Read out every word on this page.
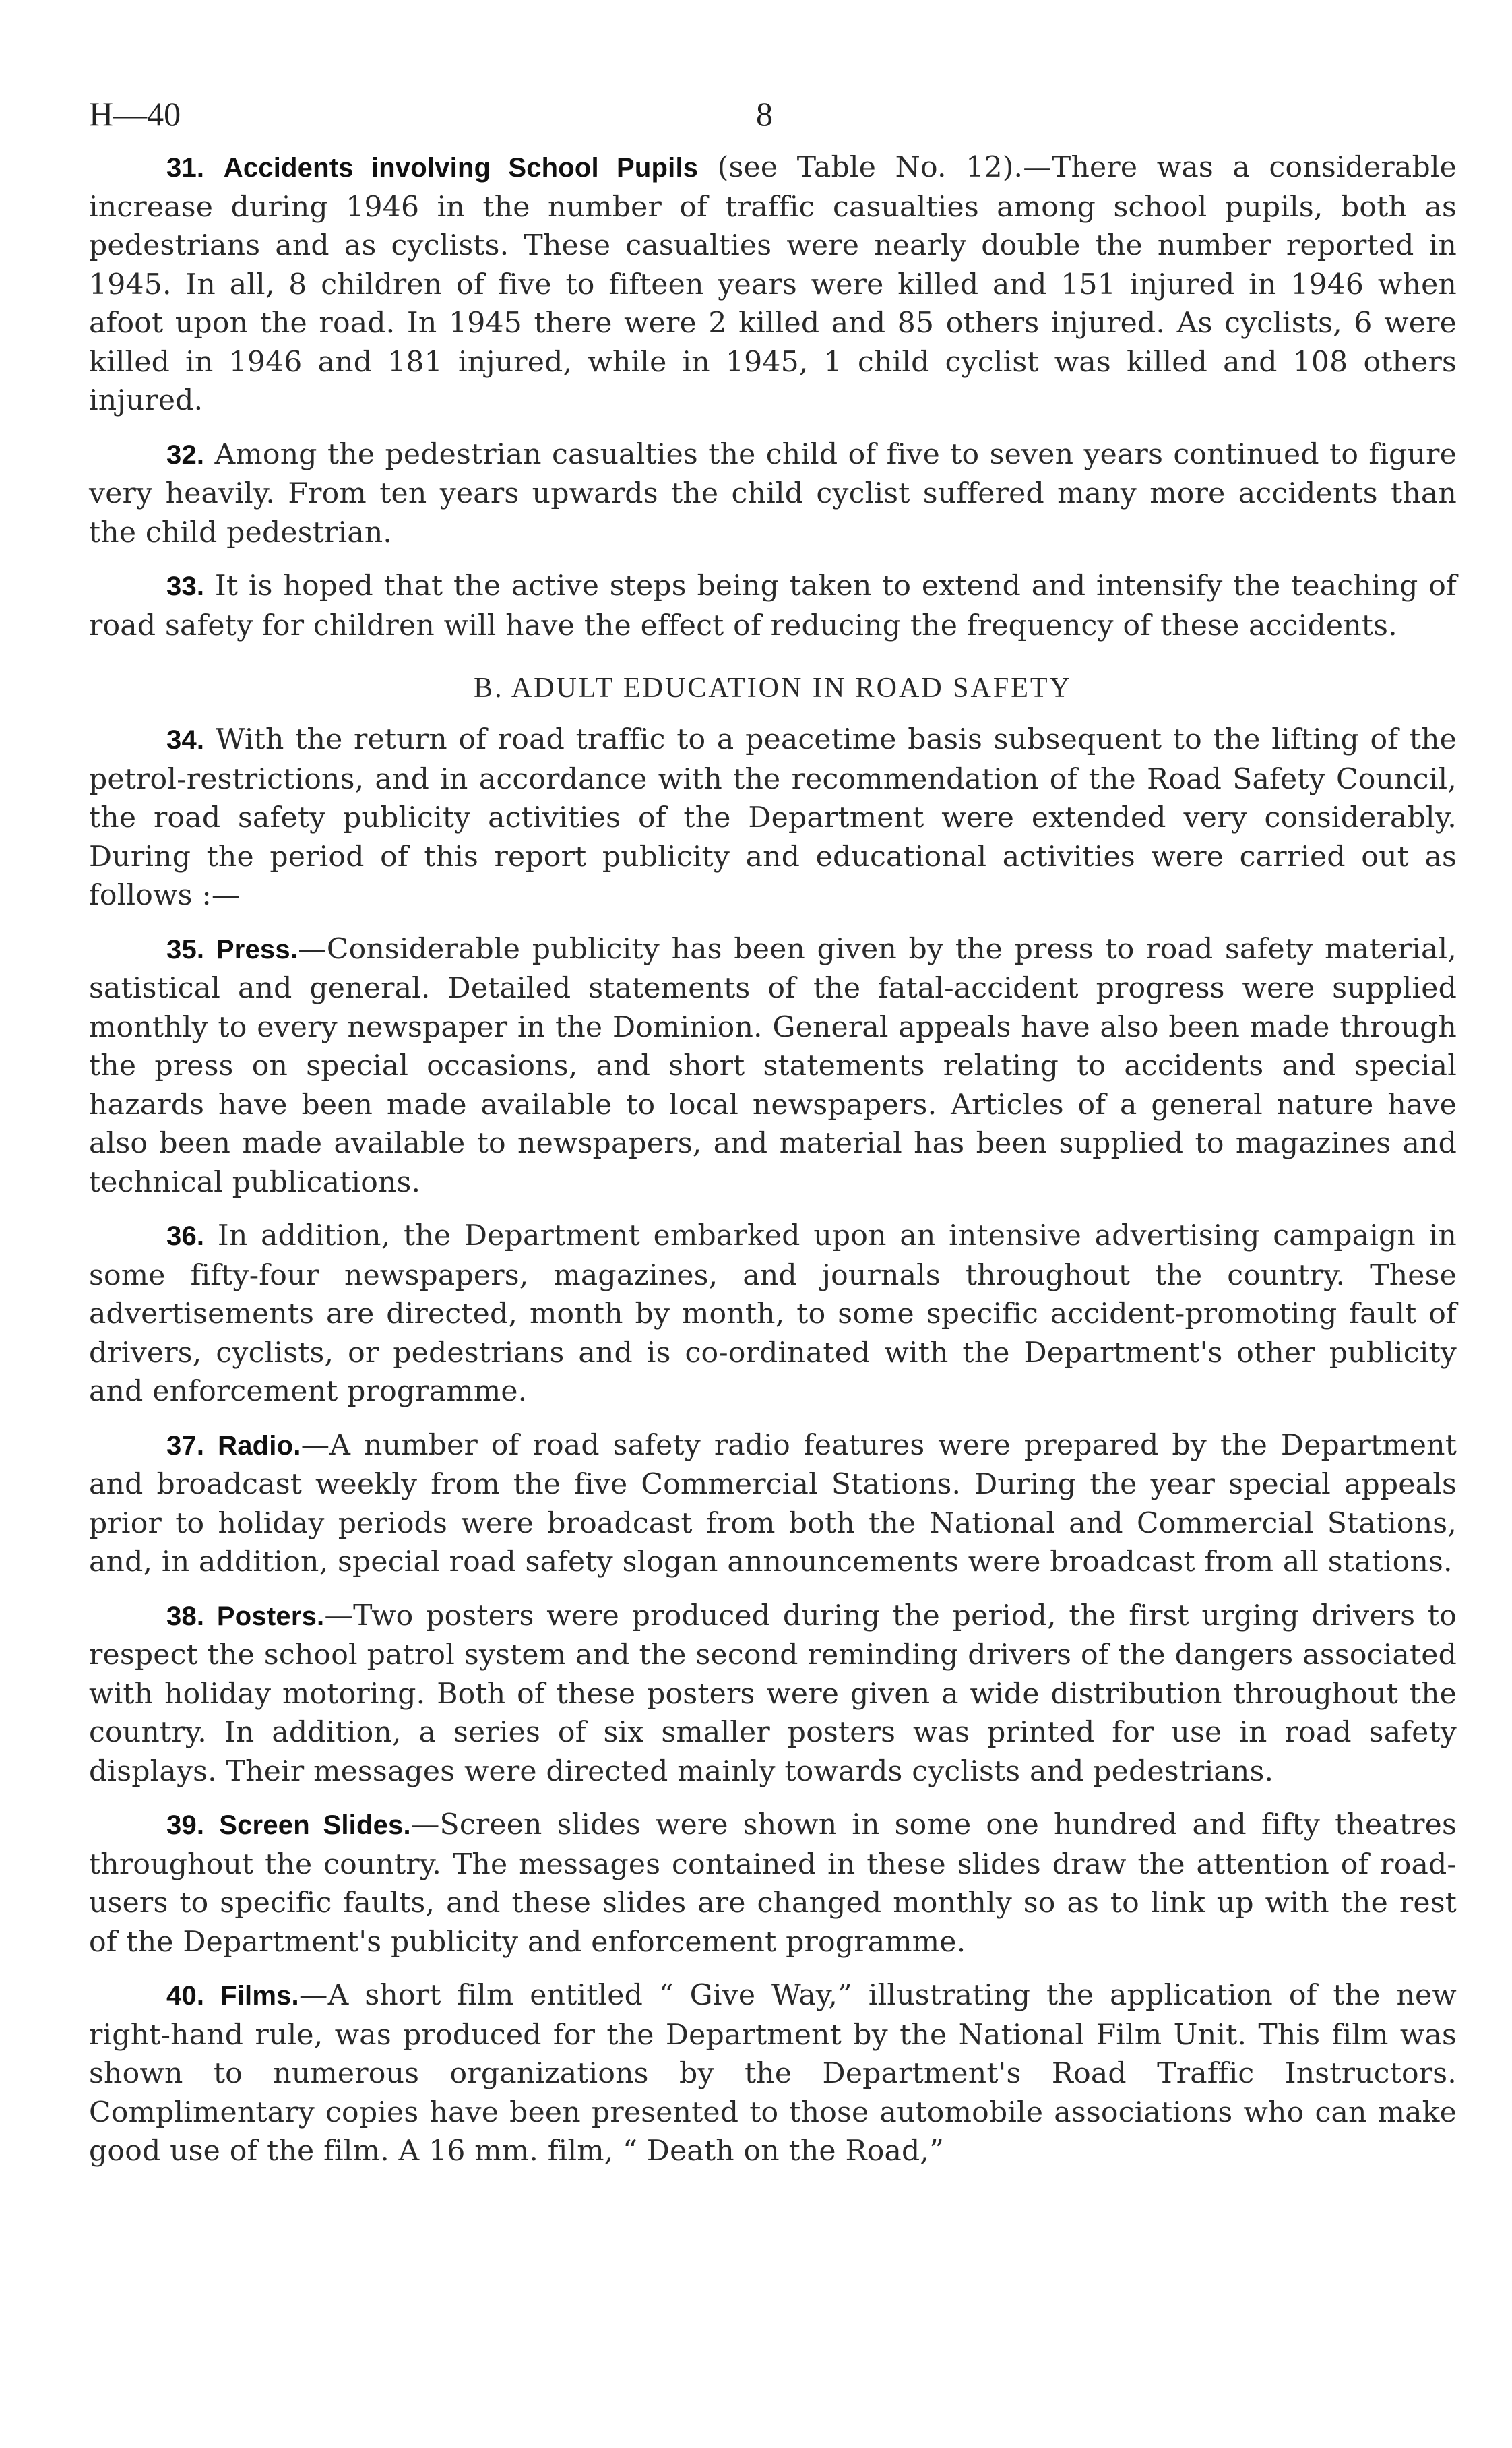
H—40	8

31. Accidents involving School Pupils (see Table No. 12).—There was a considerable increase during 1946 in the number of traffic casualties among school pupils, both as pedestrians and as cyclists. These casualties were nearly double the number reported in 1945. In all, 8 children of five to fifteen years were killed and 151 injured in 1946 when afoot upon the road. In 1945 there were 2 killed and 85 others injured. As cyclists, 6 were killed in 1946 and 181 injured, while in 1945, 1 child cyclist was killed and 108 others injured.

32. Among the pedestrian casualties the child of five to seven years continued to figure very heavily. From ten years upwards the child cyclist suffered many more accidents than the child pedestrian.

33. It is hoped that the active steps being taken to extend and intensify the teaching of road safety for children will have the effect of reducing the frequency of these accidents.

B. ADULT EDUCATION IN ROAD SAFETY

34. With the return of road traffic to a peacetime basis subsequent to the lifting of the petrol-restrictions, and in accordance with the recommendation of the Road Safety Council, the road safety publicity activities of the Department were extended very considerably. During the period of this report publicity and educational activities were carried out as follows :—

35. Press.—Considerable publicity has been given by the press to road safety material, satistical and general. Detailed statements of the fatal-accident progress were supplied monthly to every newspaper in the Dominion. General appeals have also been made through the press on special occasions, and short statements relating to accidents and special hazards have been made available to local newspapers. Articles of a general nature have also been made available to newspapers, and material has been supplied to magazines and technical publications.

36. In addition, the Department embarked upon an intensive advertising campaign in some fifty-four newspapers, magazines, and journals throughout the country. These advertisements are directed, month by month, to some specific accident-promoting fault of drivers, cyclists, or pedestrians and is co-ordinated with the Department's other publicity and enforcement programme.

37. Radio.—A number of road safety radio features were prepared by the Department and broadcast weekly from the five Commercial Stations. During the year special appeals prior to holiday periods were broadcast from both the National and Commercial Stations, and, in addition, special road safety slogan announcements were broadcast from all stations.

38. Posters.—Two posters were produced during the period, the first urging drivers to respect the school patrol system and the second reminding drivers of the dangers associated with holiday motoring. Both of these posters were given a wide distribution throughout the country. In addition, a series of six smaller posters was printed for use in road safety displays. Their messages were directed mainly towards cyclists and pedestrians.

39. Screen Slides.—Screen slides were shown in some one hundred and fifty theatres throughout the country. The messages contained in these slides draw the attention of road-users to specific faults, and these slides are changed monthly so as to link up with the rest of the Department's publicity and enforcement programme.

40. Films.—A short film entitled “ Give Way,” illustrating the application of the new right-hand rule, was produced for the Department by the National Film Unit. This film was shown to numerous organizations by the Department's Road Traffic Instructors. Complimentary copies have been presented to those automobile associations who can make good use of the film. A 16 mm. film, “ Death on the Road,”
